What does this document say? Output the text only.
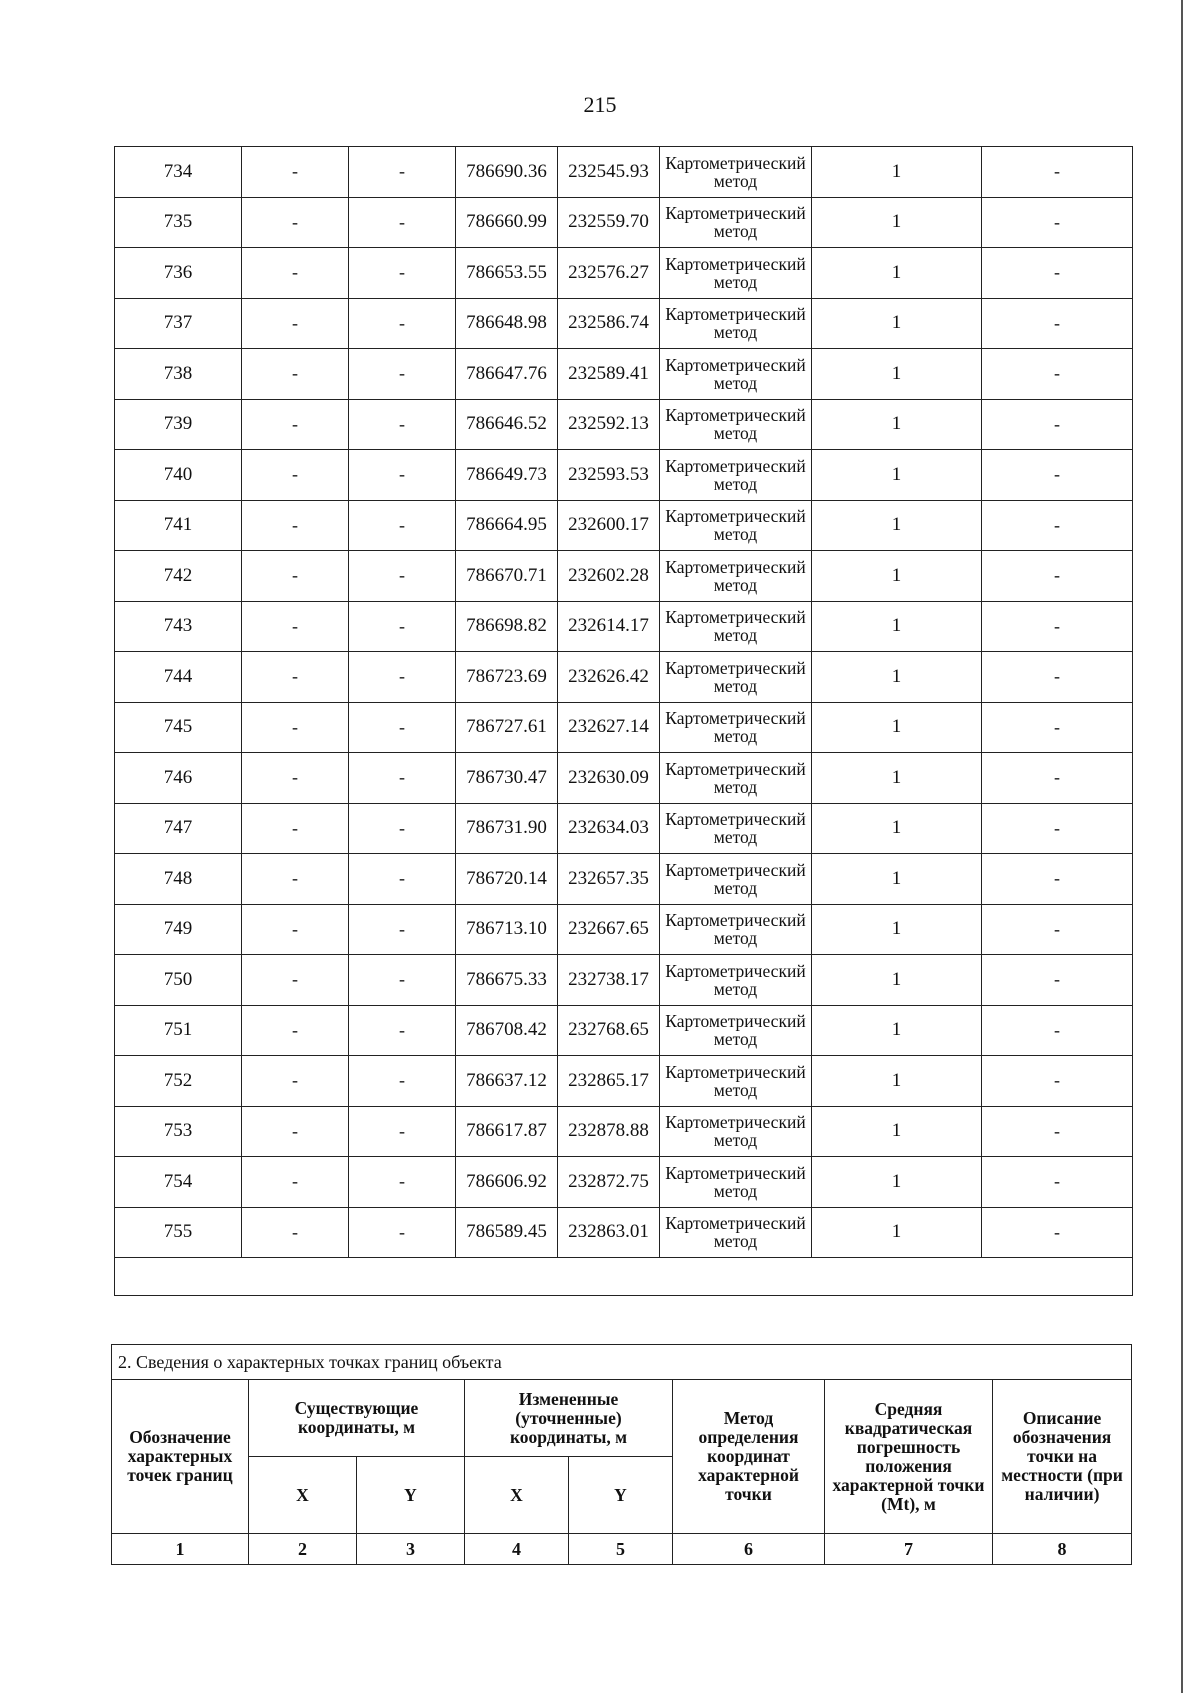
215
734	-	-	786690.36	232545.93	Картометрический метод	1	-
735	-	-	786660.99	232559.70	Картометрический метод	1	-
736	-	-	786653.55	232576.27	Картометрический метод	1	-
737	-	-	786648.98	232586.74	Картометрический метод	1	-
738	-	-	786647.76	232589.41	Картометрический метод	1	-
739	-	-	786646.52	232592.13	Картометрический метод	1	-
740	-	-	786649.73	232593.53	Картометрический метод	1	-
741	-	-	786664.95	232600.17	Картометрический метод	1	-
742	-	-	786670.71	232602.28	Картометрический метод	1	-
743	-	-	786698.82	232614.17	Картометрический метод	1	-
744	-	-	786723.69	232626.42	Картометрический метод	1	-
745	-	-	786727.61	232627.14	Картометрический метод	1	-
746	-	-	786730.47	232630.09	Картометрический метод	1	-
747	-	-	786731.90	232634.03	Картометрический метод	1	-
748	-	-	786720.14	232657.35	Картометрический метод	1	-
749	-	-	786713.10	232667.65	Картометрический метод	1	-
750	-	-	786675.33	232738.17	Картометрический метод	1	-
751	-	-	786708.42	232768.65	Картометрический метод	1	-
752	-	-	786637.12	232865.17	Картометрический метод	1	-
753	-	-	786617.87	232878.88	Картометрический метод	1	-
754	-	-	786606.92	232872.75	Картометрический метод	1	-
755	-	-	786589.45	232863.01	Картометрический метод	1	-

2. Сведения о характерных точках границ объекта							
Обозначение характерных точек границ	Существующие координаты, м		Измененные (уточненные) координаты, м		Метод определения координат характерной точки	Средняя квадратическая погрешность положения характерной точки (Mt), м	Описание обозначения точки на местности (при наличии)
	X	Y	X	Y			
1	2	3	4	5	6	7	8
